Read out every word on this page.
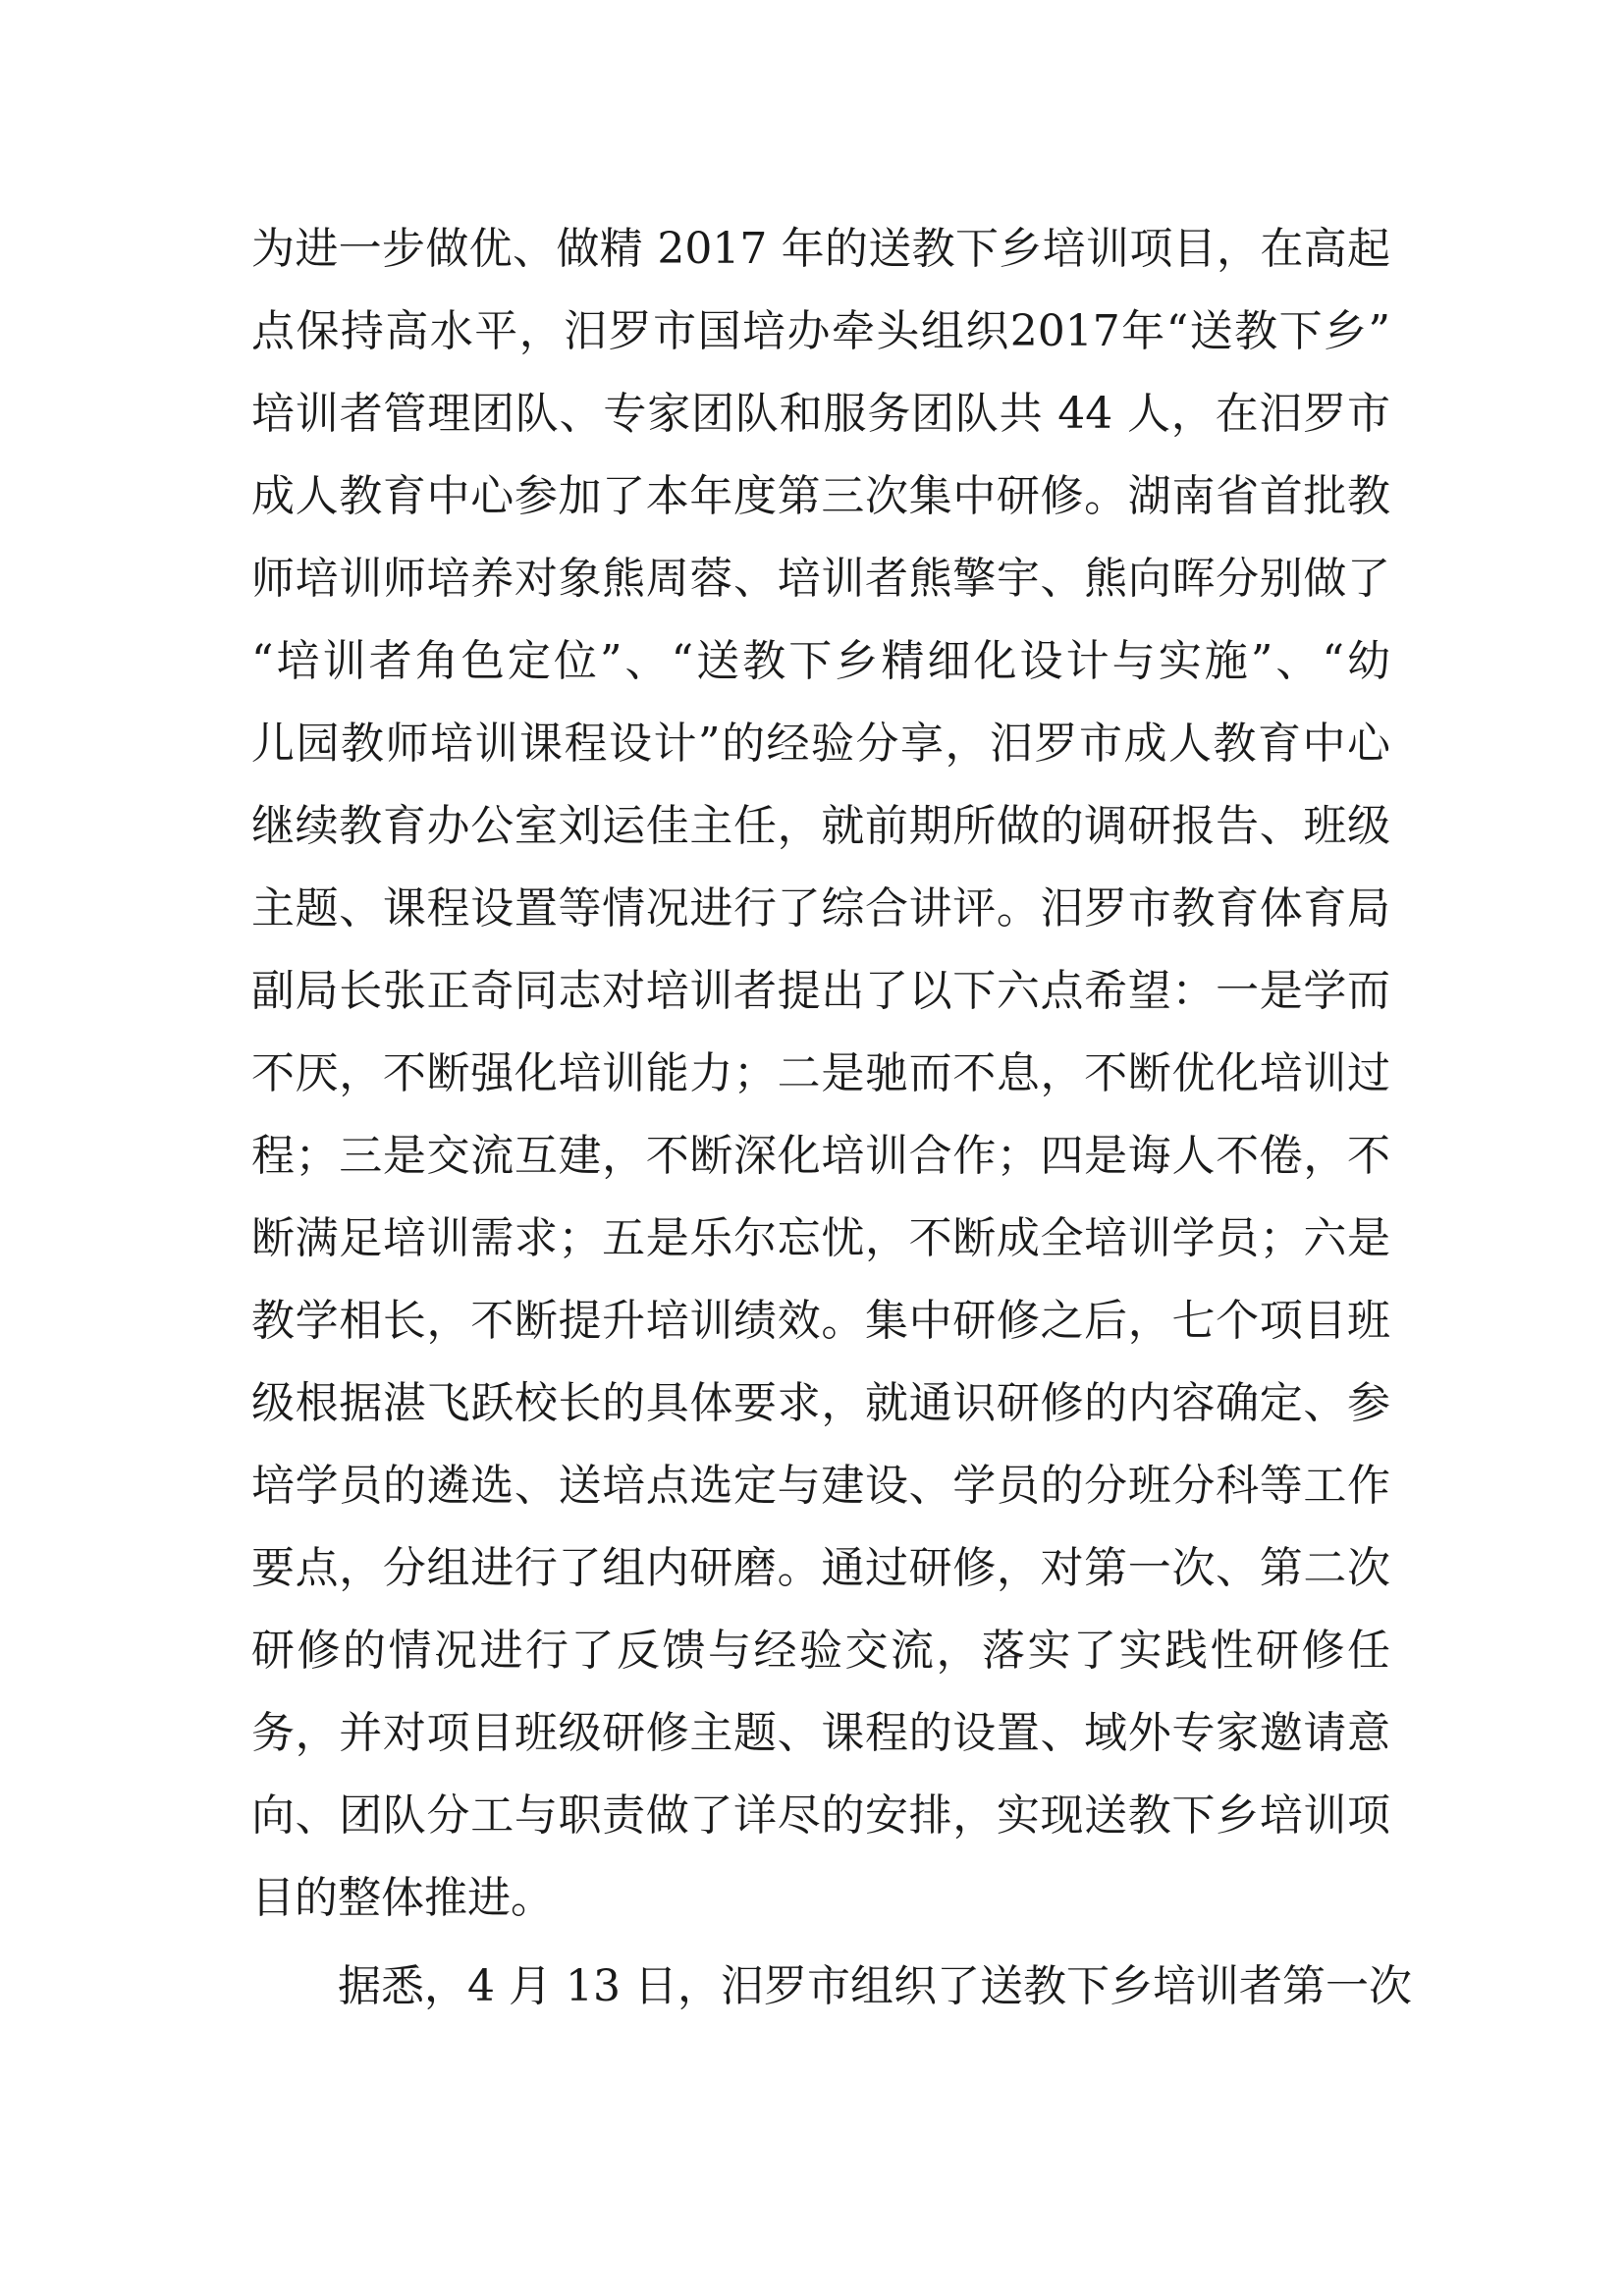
为进一步做优、做精 2017 年的送教下乡培训项目，在高起
点保持高水平，汨罗市国培办牵头组织2017年“送教下乡”
培训者管理团队、专家团队和服务团队共 44 人，在汨罗市
成人教育中心参加了本年度第三次集中研修。湖南省首批教
师培训师培养对象熊周蓉、培训者熊擎宇、熊向晖分别做了
“培训者角色定位”、“送教下乡精细化设计与实施”、“幼
儿园教师培训课程设计”的经验分享，汨罗市成人教育中心
继续教育办公室刘运佳主任，就前期所做的调研报告、班级
主题、课程设置等情况进行了综合讲评。汨罗市教育体育局
副局长张正奇同志对培训者提出了以下六点希望：一是学而
不厌，不断强化培训能力；二是驰而不息，不断优化培训过
程；三是交流互建，不断深化培训合作；四是诲人不倦，不
断满足培训需求；五是乐尔忘忧，不断成全培训学员；六是
教学相长，不断提升培训绩效。集中研修之后，七个项目班
级根据湛飞跃校长的具体要求，就通识研修的内容确定、参
培学员的遴选、送培点选定与建设、学员的分班分科等工作
要点，分组进行了组内研磨。通过研修，对第一次、第二次
研修的情况进行了反馈与经验交流，落实了实践性研修任
务，并对项目班级研修主题、课程的设置、域外专家邀请意
向、团队分工与职责做了详尽的安排，实现送教下乡培训项
目的整体推进。
据悉，4 月 13 日，汨罗市组织了送教下乡培训者第一次
